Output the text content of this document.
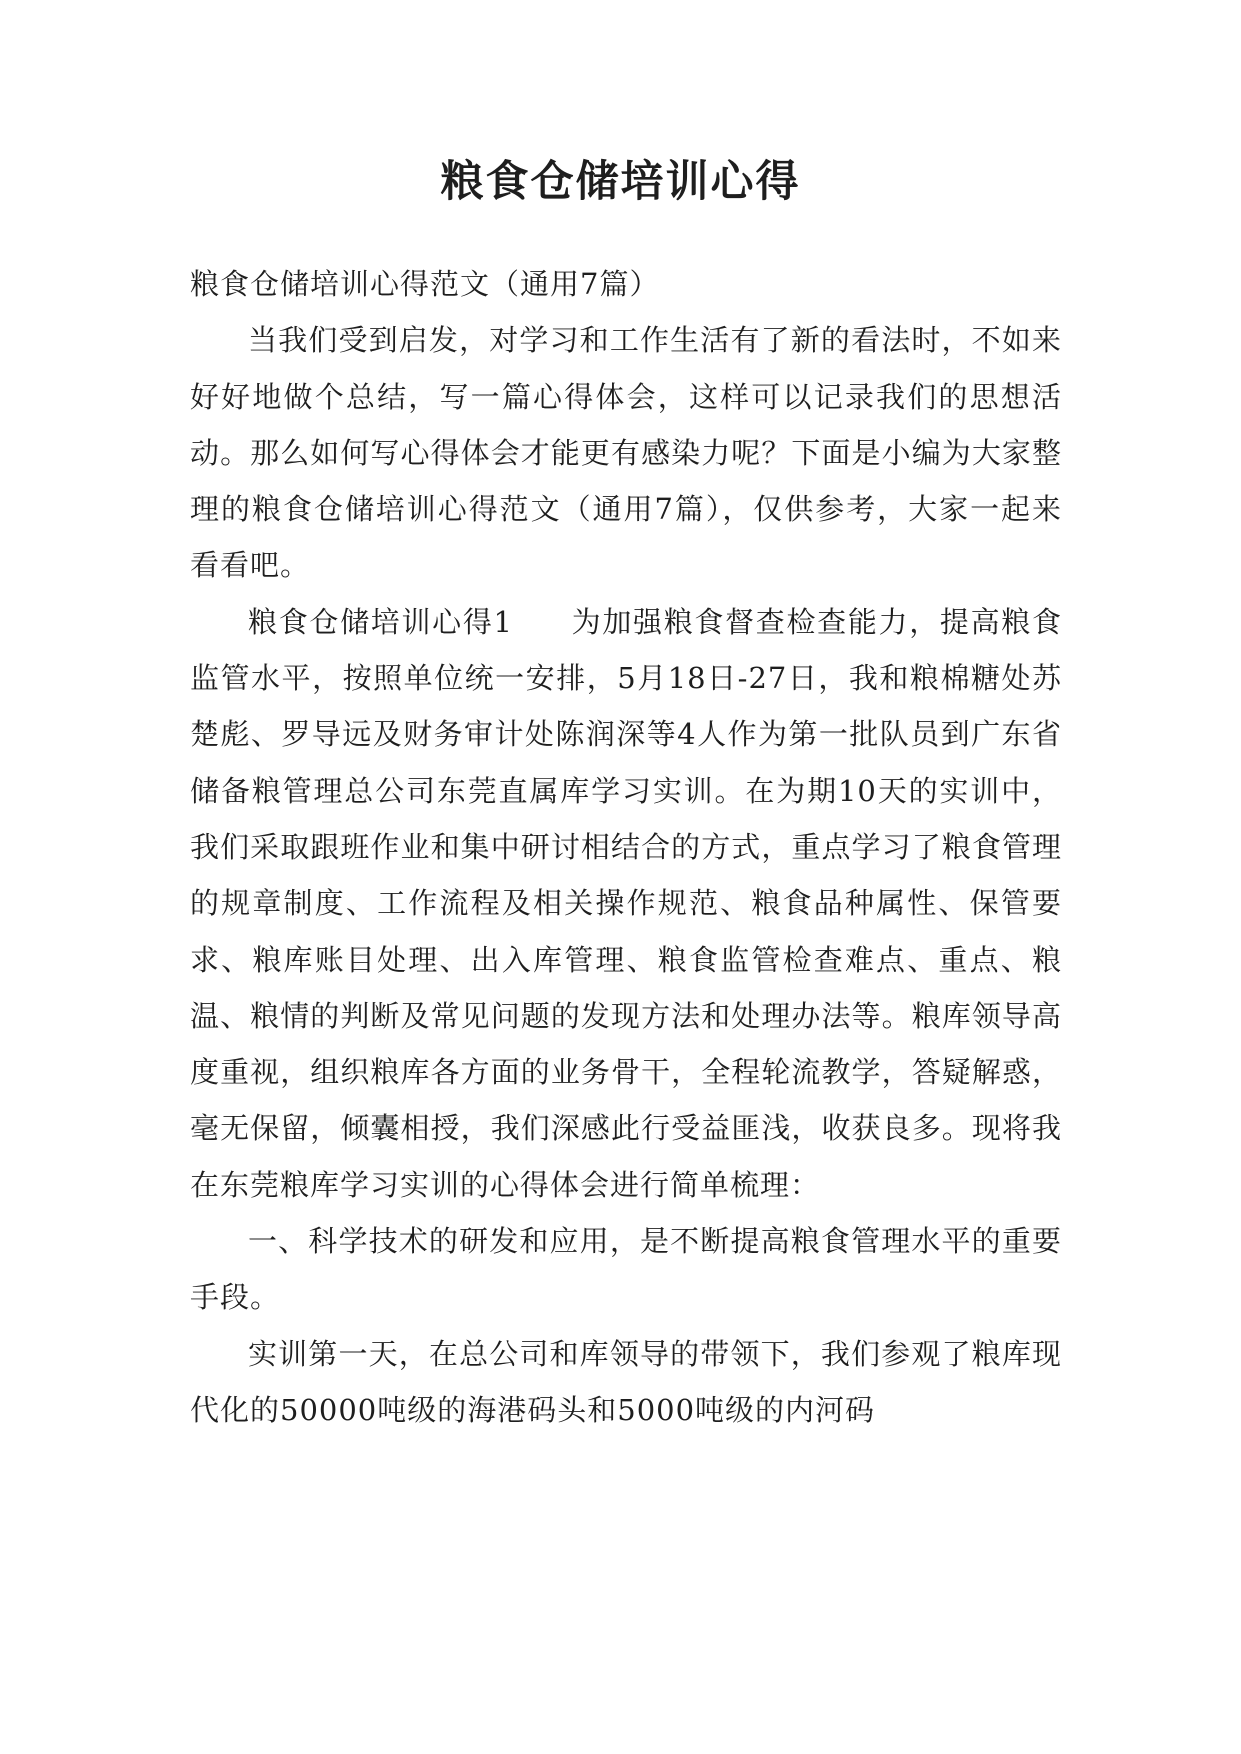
粮食仓储培训心得

粮食仓储培训心得范文（通用7篇）

当我们受到启发，对学习和工作生活有了新的看法时，不如来好好地做个总结，写一篇心得体会，这样可以记录我们的思想活动。那么如何写心得体会才能更有感染力呢？下面是小编为大家整理的粮食仓储培训心得范文（通用7篇），仅供参考，大家一起来看看吧。

粮食仓储培训心得1 为加强粮食督查检查能力，提高粮食监管水平，按照单位统一安排，5月18日-27日，我和粮棉糖处苏楚彪、罗导远及财务审计处陈润深等4人作为第一批队员到广东省储备粮管理总公司东莞直属库学习实训。在为期10天的实训中，我们采取跟班作业和集中研讨相结合的方式，重点学习了粮食管理的规章制度、工作流程及相关操作规范、粮食品种属性、保管要求、粮库账目处理、出入库管理、粮食监管检查难点、重点、粮温、粮情的判断及常见问题的发现方法和处理办法等。粮库领导高度重视，组织粮库各方面的业务骨干，全程轮流教学，答疑解惑，毫无保留，倾囊相授，我们深感此行受益匪浅，收获良多。现将我在东莞粮库学习实训的心得体会进行简单梳理：

一、科学技术的研发和应用，是不断提高粮食管理水平的重要手段。

实训第一天，在总公司和库领导的带领下，我们参观了粮库现代化的50000吨级的海港码头和5000吨级的内河码
